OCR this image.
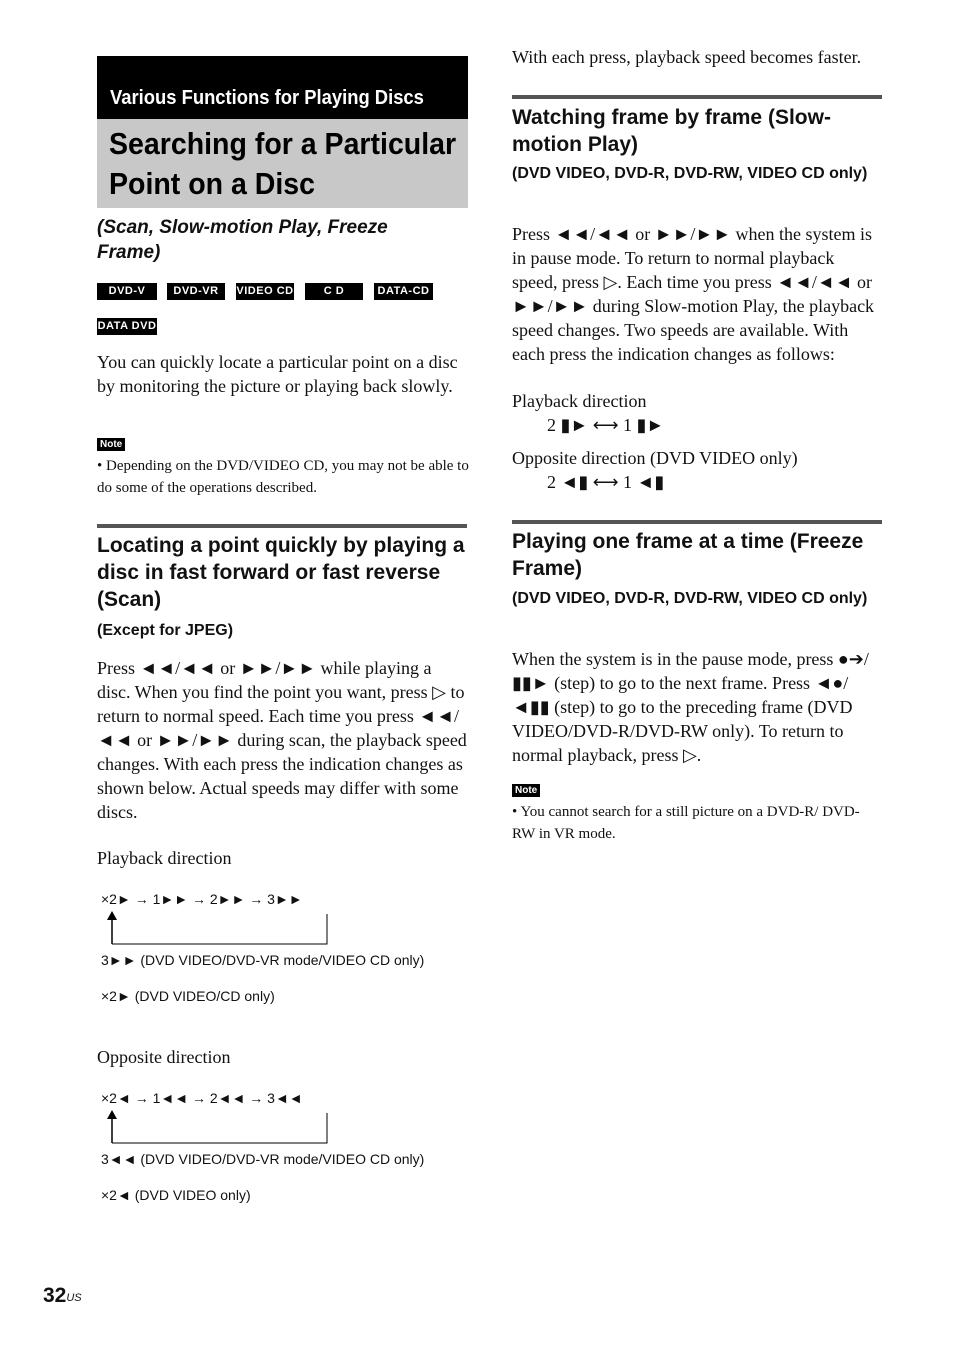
Various Functions for Playing Discs
Searching for a Particular
Point on a Disc
(Scan, Slow-motion Play, Freeze Frame)
DVD-V	DVD-VR	VIDEO CD	C D	DATA-CD
DATA DVD
You can quickly locate a particular point on a disc by monitoring the picture or playing back slowly.
Note
• Depending on the DVD/VIDEO CD, you may not be able to do some of the operations described.
Locating a point quickly by playing a disc in fast forward or fast reverse (Scan)
(Except for JPEG)
Press ◄◄/◄◄ or ►►/►► while playing a disc. When you find the point you want, press ▷ to return to normal speed. Each time you press ◄◄/◄◄ or ►►/►► during scan, the playback speed changes. With each press the indication changes as shown below. Actual speeds may differ with some discs.
Playback direction
×2► → 1►► → 2►► → 3►►
3►► (DVD VIDEO/DVD-VR mode/VIDEO CD only)
×2► (DVD VIDEO/CD only)
Opposite direction
×2◄ → 1◄◄ → 2◄◄ → 3◄◄
3◄◄ (DVD VIDEO/DVD-VR mode/VIDEO CD only)
×2◄ (DVD VIDEO only)
With each press, playback speed becomes faster.
Watching frame by frame (Slow-motion Play)
(DVD VIDEO, DVD-R, DVD-RW, VIDEO CD only)
Press ◄◄/◄◄ or ►►/►► when the system is in pause mode. To return to normal playback speed, press ▷. Each time you press ◄◄/◄◄ or ►►/►► during Slow-motion Play, the playback speed changes. Two speeds are available. With each press the indication changes as follows:
Playback direction
2 ▮► ⟷ 1 ▮►
Opposite direction (DVD VIDEO only)
2 ◄▮ ⟷ 1 ◄▮
Playing one frame at a time (Freeze Frame)
(DVD VIDEO, DVD-R, DVD-RW, VIDEO CD only)
When the system is in the pause mode, press ●➔/▮▮► (step) to go to the next frame. Press ◄●/◄▮▮ (step) to go to the preceding frame (DVD VIDEO/DVD-R/DVD-RW only). To return to normal playback, press ▷.
Note
• You cannot search for a still picture on a DVD-R/ DVD-RW in VR mode.
$32^{US}$
